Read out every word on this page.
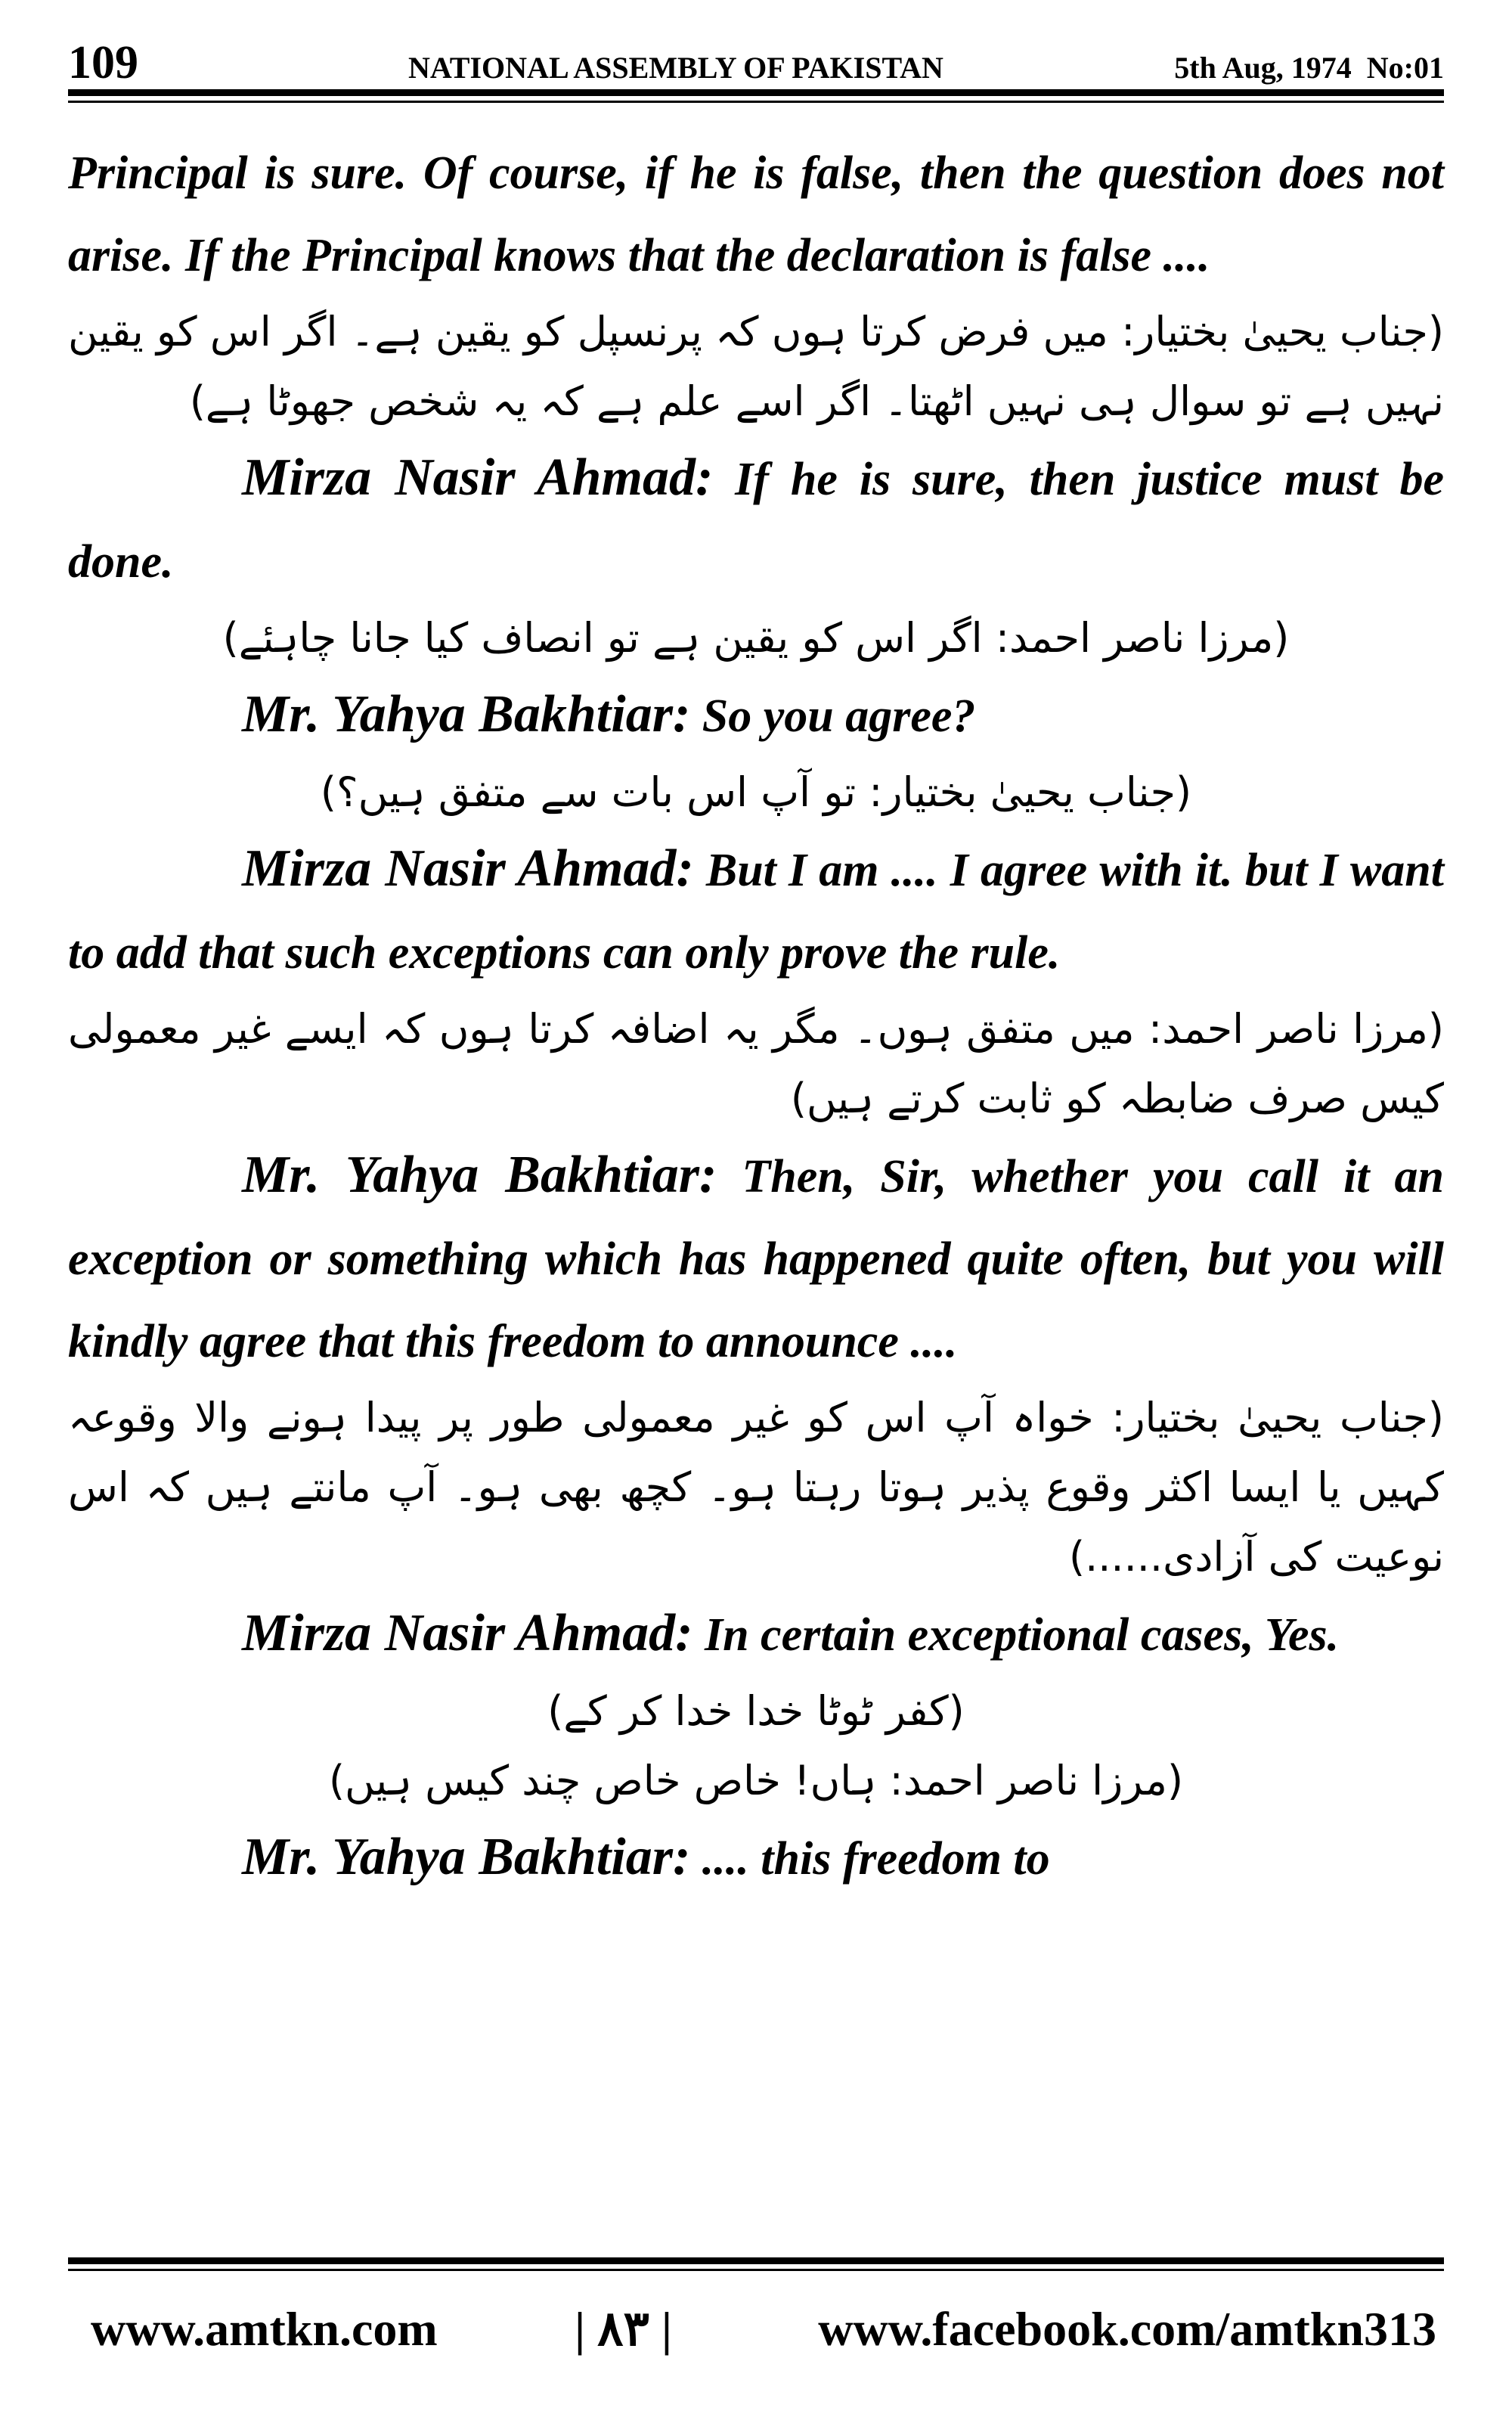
109	NATIONAL ASSEMBLY OF PAKISTAN	5th Aug, 1974 No:01

Principal is sure. Of course, if he is false, then the question does not arise. If the Principal knows that the declaration is false ....

(جناب یحییٰ بختیار: میں فرض کرتا ہوں کہ پرنسپل کو یقین ہے۔ اگر اس کو یقین نہیں ہے تو سوال ہی نہیں اٹھتا۔ اگر اسے علم ہے کہ یہ شخص جھوٹا ہے)

Mirza Nasir Ahmad: If he is sure, then justice must be done.

(مرزا ناصر احمد: اگر اس کو یقین ہے تو انصاف کیا جانا چاہئے)

Mr. Yahya Bakhtiar: So you agree?

(جناب یحییٰ بختیار: تو آپ اس بات سے متفق ہیں؟)

Mirza Nasir Ahmad: But I am .... I agree with it. but I want to add that such exceptions can only prove the rule.

(مرزا ناصر احمد: میں متفق ہوں۔ مگر یہ اضافہ کرتا ہوں کہ ایسے غیر معمولی کیس صرف ضابطہ کو ثابت کرتے ہیں)

Mr. Yahya Bakhtiar: Then, Sir, whether you call it an exception or something which has happened quite often, but you will kindly agree that this freedom to announce ....

(جناب یحییٰ بختیار: خواہ آپ اس کو غیر معمولی طور پر پیدا ہونے والا وقوعہ کہیں یا ایسا اکثر وقوع پذیر ہوتا رہتا ہو۔ کچھ بھی ہو۔ آپ مانتے ہیں کہ اس نوعیت کی آزادی......)

Mirza Nasir Ahmad: In certain exceptional cases, Yes.

(کفر ٹوٹا خدا خدا کر کے)

(مرزا ناصر احمد: ہاں! خاص خاص چند کیس ہیں)

Mr. Yahya Bakhtiar: .... this freedom to

www.amtkn.com	| ۸۳ |	www.facebook.com/amtkn313
